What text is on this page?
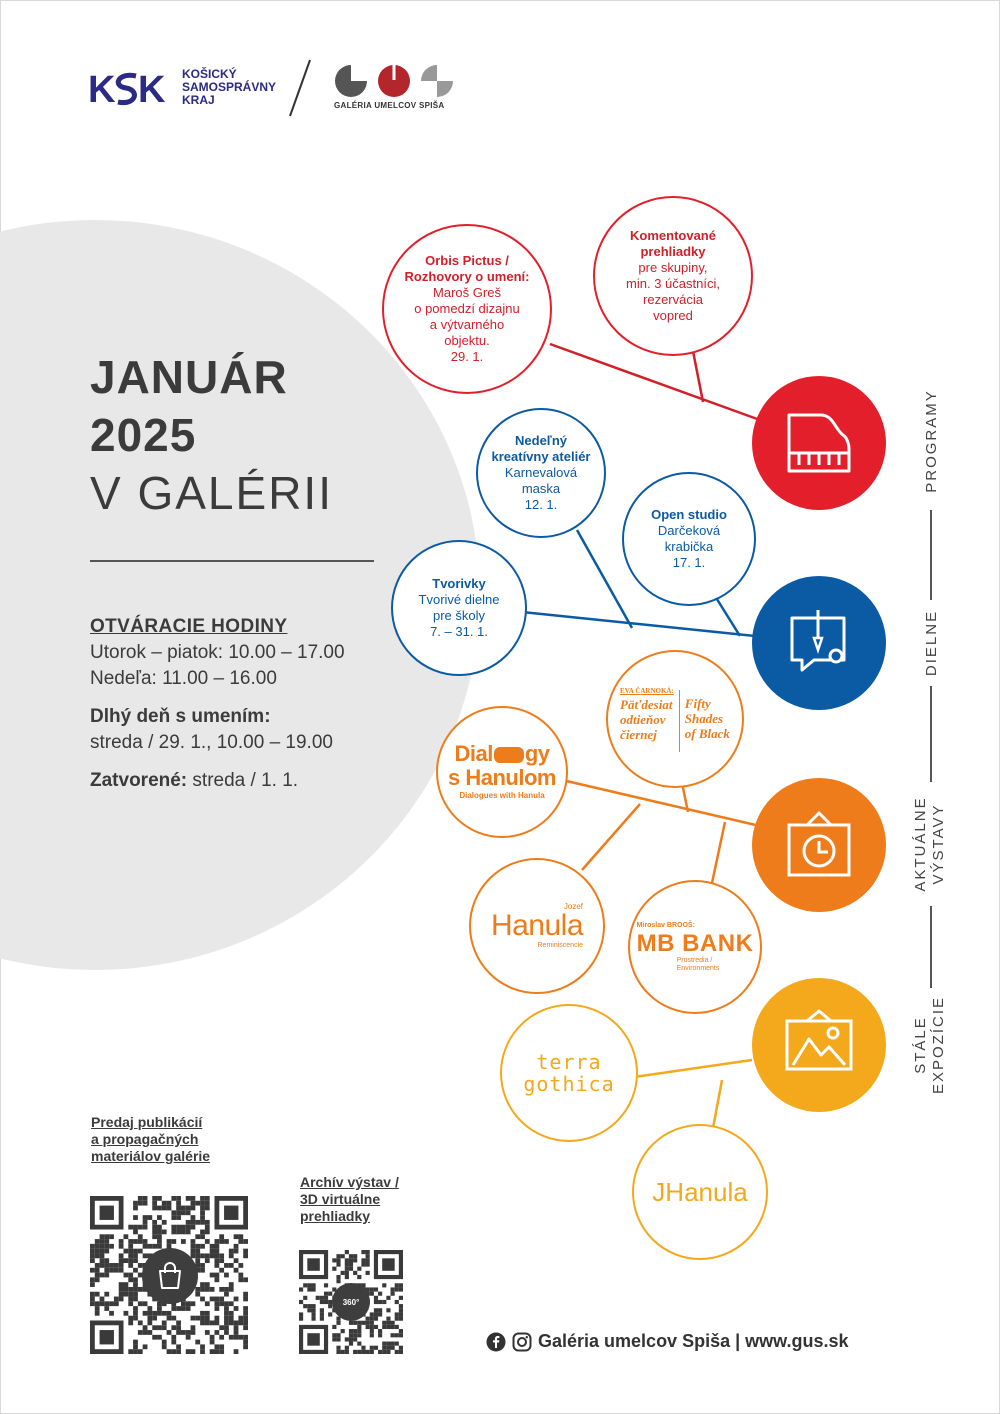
K K KOŠICKÝ
SAMOSPRÁVNY
KRAJ	GALÉRIA UMELCOV SPIŠA
JANUÁR
2025
V GALÉRII
OTVÁRACIE HODINY
Utorok – piatok: 10.00 – 17.00
Nedeľa: 11.00 – 16.00
Dlhý deň s umením:
streda / 29. 1., 10.00 – 19.00
Zatvorené: streda / 1. 1.
Orbis Pictus /
Rozhovory o umení:
Maroš Greš
o pomedzí dizajnu
a výtvarného
objektu.
29. 1.
Komentované
prehliadky
pre skupiny,
min. 3 účastníci,
rezervácia
vopred
Nedeľný
kreatívny ateliér
Karnevalová
maska
12. 1.
Open studio
Darčeková
krabička
17. 1.
Tvorivky
Tvorivé dielne
pre školy
7. – 31. 1.
EVA ČARNOKÁ:
Päťdesiat
odtieňov
čiernej
Fifty
Shades
of Black
Dial gy
s Hanulom
Dialogues with Hanula
Jozef
Hanula
Reminiscencie
Miroslav BROOŠ:
MB BANK
Prostredia /
Environments
terra
gothica
JHanula
PROGRAMY
DIELNE
AKTUÁLNE VÝSTAVY
STÁLE EXPOZÍCIE
Predaj publikácií
a propagačných
materiálov galérie
Archív výstav /
3D virtuálne
prehliadky
360°
Galéria umelcov Spiša | www.gus.sk
